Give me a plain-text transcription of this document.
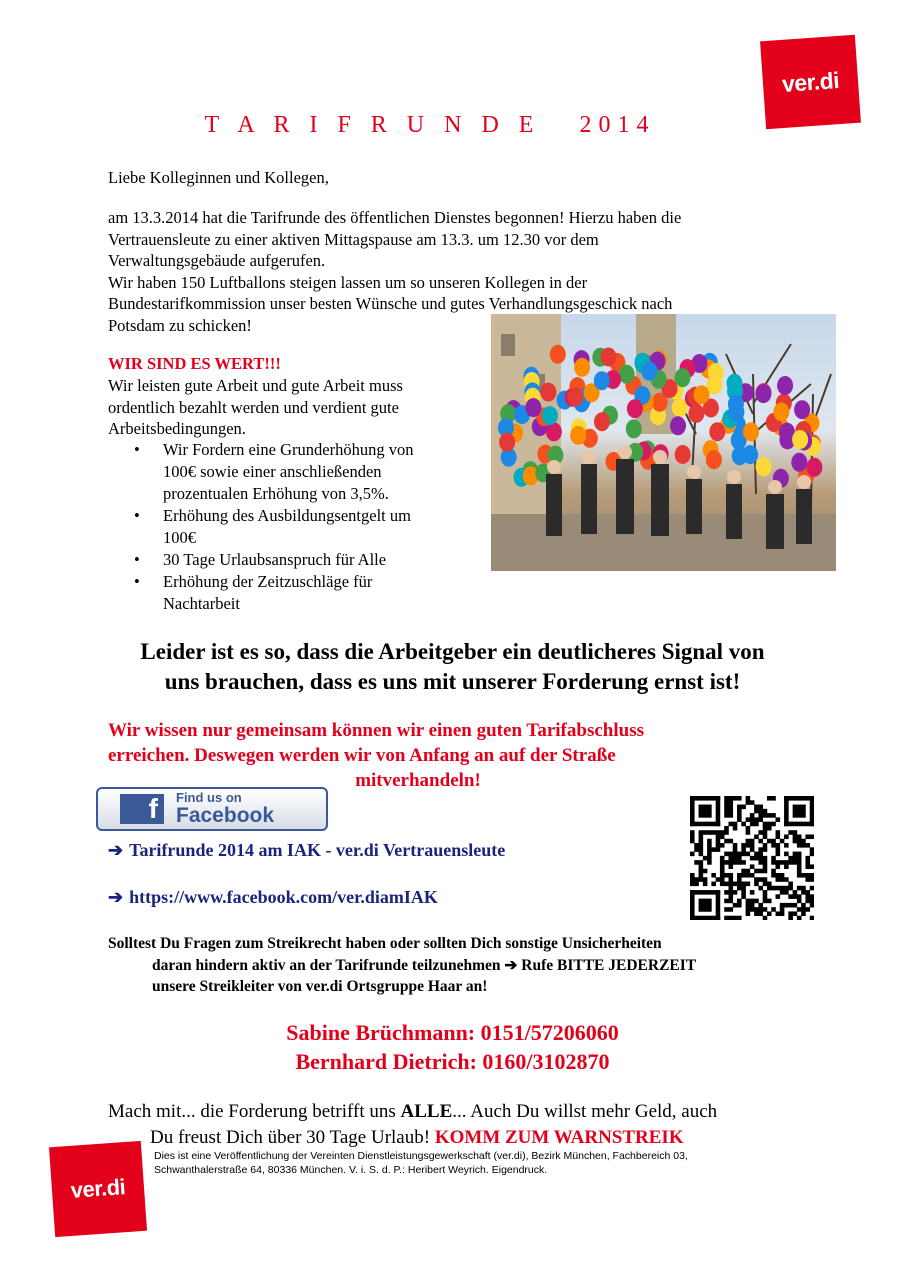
ver.di
T A R I F R U N D E   2014
Liebe Kolleginnen und Kollegen,
am 13.3.2014 hat die Tarifrunde des öffentlichen Dienstes begonnen! Hierzu haben die
Vertrauensleute zu einer aktiven Mittagspause am 13.3. um 12.30 vor dem
Verwaltungsgebäude aufgerufen.
Wir haben 150 Luftballons steigen lassen um so unseren Kollegen in der
Bundestarifkommission unser besten Wünsche und gutes Verhandlungsgeschick nach
Potsdam zu schicken!
WIR SIND ES WERT!!!
Wir leisten gute Arbeit und gute Arbeit muss
ordentlich bezahlt werden und verdient gute
Arbeitsbedingungen.
• Wir Fordern eine Grunderhöhung von
100€ sowie einer anschließenden
prozentualen Erhöhung von 3,5%.
• Erhöhung des Ausbildungsentgelt um
100€
• 30 Tage Urlaubsanspruch für Alle
• Erhöhung der Zeitzuschläge für
Nachtarbeit
Leider ist es so, dass die Arbeitgeber ein deutlicheres Signal von
uns brauchen, dass es uns mit unserer Forderung ernst ist!
Wir wissen nur gemeinsam können wir einen guten Tarifabschluss
erreichen. Deswegen werden wir von Anfang an auf der Straße
mitverhandeln!
f	Find us on
Facebook
➔ Tarifrunde 2014 am IAK - ver.di Vertrauensleute
➔ https://www.facebook.com/ver.diamIAK
Solltest Du Fragen zum Streikrecht haben oder sollten Dich sonstige Unsicherheiten
daran hindern aktiv an der Tarifrunde teilzunehmen ➔ Rufe BITTE JEDERZEIT
unsere Streikleiter von ver.di Ortsgruppe Haar an!
Sabine Brüchmann: 0151/57206060
Bernhard Dietrich: 0160/3102870
Mach mit... die Forderung betrifft uns ALLE... Auch Du willst mehr Geld, auch
Du freust Dich über 30 Tage Urlaub! KOMM ZUM WARNSTREIK
Dies ist eine Veröffentlichung der Vereinten Dienstleistungsgewerkschaft (ver.di), Bezirk München, Fachbereich 03,
Schwanthalerstraße 64, 80336 München. V. i. S. d. P.: Heribert Weyrich. Eigendruck.
ver.di
